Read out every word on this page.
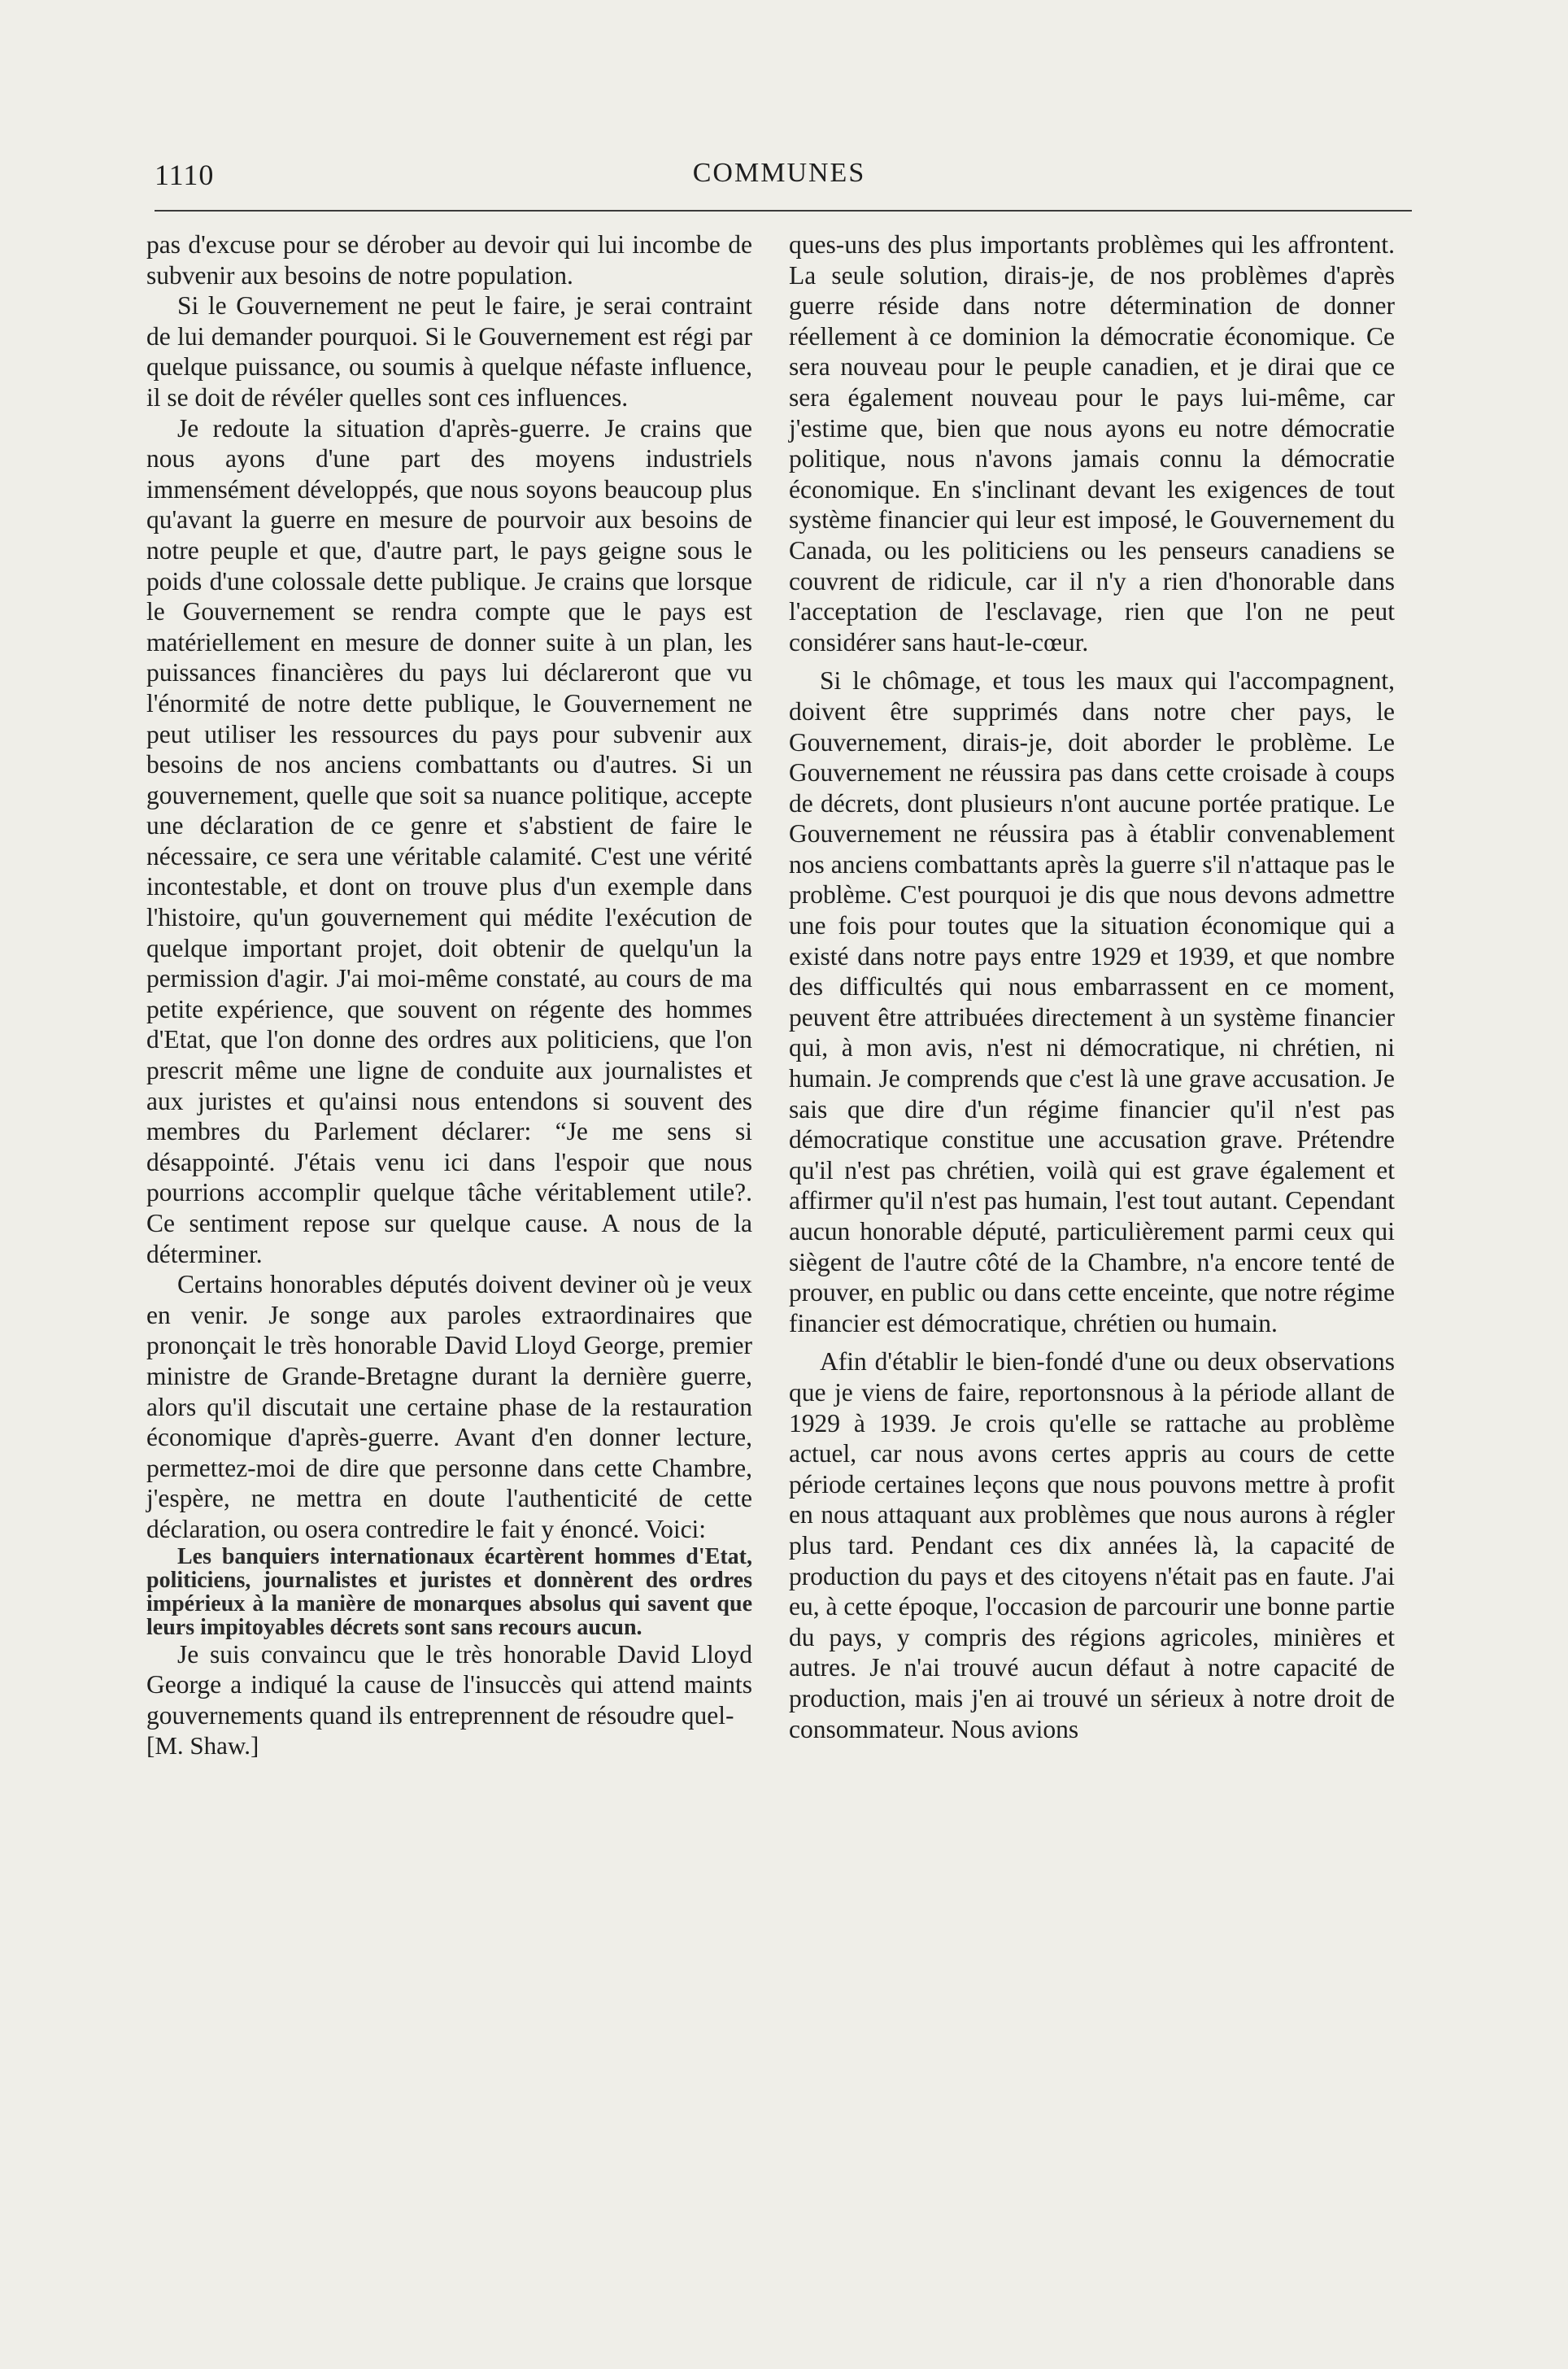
1110	COMMUNES

pas d'excuse pour se dérober au devoir qui lui incombe de subvenir aux besoins de notre population.

Si le Gouvernement ne peut le faire, je serai contraint de lui demander pourquoi. Si le Gouvernement est régi par quelque puissance, ou soumis à quelque néfaste influence, il se doit de révéler quelles sont ces influences.

Je redoute la situation d'après-guerre. Je crains que nous ayons d'une part des moyens industriels immensément développés, que nous soyons beaucoup plus qu'avant la guerre en mesure de pourvoir aux besoins de notre peuple et que, d'autre part, le pays geigne sous le poids d'une colossale dette publique. Je crains que lorsque le Gouvernement se rendra compte que le pays est matériellement en mesure de donner suite à un plan, les puissances financières du pays lui déclareront que vu l'énormité de notre dette publique, le Gouvernement ne peut utiliser les ressources du pays pour subvenir aux besoins de nos anciens combattants ou d'autres. Si un gouvernement, quelle que soit sa nuance politique, accepte une déclaration de ce genre et s'abstient de faire le nécessaire, ce sera une véritable calamité. C'est une vérité incontestable, et dont on trouve plus d'un exemple dans l'histoire, qu'un gouvernement qui médite l'exécution de quelque important projet, doit obtenir de quelqu'un la permission d'agir. J'ai moi-même constaté, au cours de ma petite expérience, que souvent on régente des hommes d'Etat, que l'on donne des ordres aux politiciens, que l'on prescrit même une ligne de conduite aux journalistes et aux juristes et qu'ainsi nous entendons si souvent des membres du Parlement déclarer: “Je me sens si désappointé. J'étais venu ici dans l'espoir que nous pourrions accomplir quelque tâche véritablement utile?. Ce sentiment repose sur quelque cause. A nous de la déterminer.

Certains honorables députés doivent deviner où je veux en venir. Je songe aux paroles extraordinaires que prononçait le très honorable David Lloyd George, premier ministre de Grande-Bretagne durant la dernière guerre, alors qu'il discutait une certaine phase de la restauration économique d'après-guerre. Avant d'en donner lecture, permettez-moi de dire que personne dans cette Chambre, j'espère, ne mettra en doute l'authenticité de cette déclaration, ou osera contredire le fait y énoncé. Voici:

Les banquiers internationaux écartèrent hommes d'Etat, politiciens, journalistes et juristes et donnèrent des ordres impérieux à la manière de monarques absolus qui savent que leurs impitoyables décrets sont sans recours aucun.

Je suis convaincu que le très honorable David Lloyd George a indiqué la cause de l'insuccès qui attend maints gouvernements quand ils entreprennent de résoudre quel-

[M. Shaw.]

ques-uns des plus importants problèmes qui les affrontent. La seule solution, dirais-je, de nos problèmes d'après guerre réside dans notre détermination de donner réellement à ce dominion la démocratie économique. Ce sera nouveau pour le peuple canadien, et je dirai que ce sera également nouveau pour le pays lui-même, car j'estime que, bien que nous ayons eu notre démocratie politique, nous n'avons jamais connu la démocratie économique. En s'inclinant devant les exigences de tout système financier qui leur est imposé, le Gouvernement du Canada, ou les politiciens ou les penseurs canadiens se couvrent de ridicule, car il n'y a rien d'honorable dans l'acceptation de l'esclavage, rien que l'on ne peut considérer sans haut-le-cœur.

Si le chômage, et tous les maux qui l'accompagnent, doivent être supprimés dans notre cher pays, le Gouvernement, dirais-je, doit aborder le problème. Le Gouvernement ne réussira pas dans cette croisade à coups de décrets, dont plusieurs n'ont aucune portée pratique. Le Gouvernement ne réussira pas à établir convenablement nos anciens combattants après la guerre s'il n'attaque pas le problème. C'est pourquoi je dis que nous devons admettre une fois pour toutes que la situation économique qui a existé dans notre pays entre 1929 et 1939, et que nombre des difficultés qui nous embarrassent en ce moment, peuvent être attribuées directement à un système financier qui, à mon avis, n'est ni démocratique, ni chrétien, ni humain. Je comprends que c'est là une grave accusation. Je sais que dire d'un régime financier qu'il n'est pas démocratique constitue une accusation grave. Prétendre qu'il n'est pas chrétien, voilà qui est grave également et affirmer qu'il n'est pas humain, l'est tout autant. Cependant aucun honorable député, particulièrement parmi ceux qui siègent de l'autre côté de la Chambre, n'a encore tenté de prouver, en public ou dans cette enceinte, que notre régime financier est démocratique, chrétien ou humain.

Afin d'établir le bien-fondé d'une ou deux observations que je viens de faire, reportonsnous à la période allant de 1929 à 1939. Je crois qu'elle se rattache au problème actuel, car nous avons certes appris au cours de cette période certaines leçons que nous pouvons mettre à profit en nous attaquant aux problèmes que nous aurons à régler plus tard. Pendant ces dix années là, la capacité de production du pays et des citoyens n'était pas en faute. J'ai eu, à cette époque, l'occasion de parcourir une bonne partie du pays, y compris des régions agricoles, minières et autres. Je n'ai trouvé aucun défaut à notre capacité de production, mais j'en ai trouvé un sérieux à notre droit de consommateur. Nous avions
